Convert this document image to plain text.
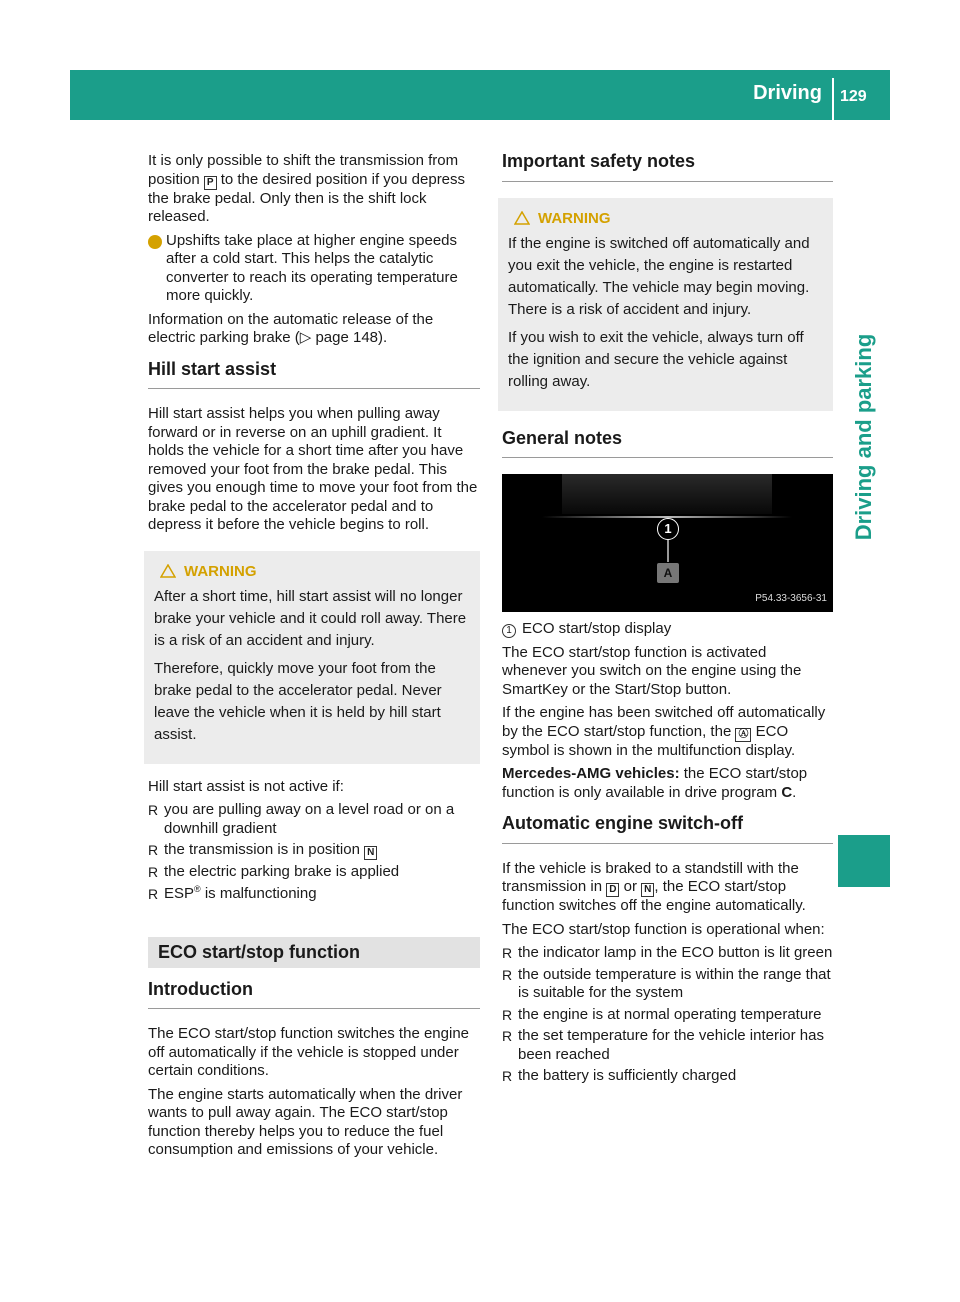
Driving 129
Driving and parking

It is only possible to shift the transmission from position P to the desired position if you depress the brake pedal. Only then is the shift lock released.

i Upshifts take place at higher engine speeds after a cold start. This helps the catalytic converter to reach its operating temperature more quickly.

Information on the automatic release of the electric parking brake (▷ page 148).

Hill start assist

Hill start assist helps you when pulling away forward or in reverse on an uphill gradient. It holds the vehicle for a short time after you have removed your foot from the brake pedal. This gives you enough time to move your foot from the brake pedal to the accelerator pedal and to depress it before the vehicle begins to roll.

WARNING

After a short time, hill start assist will no longer brake your vehicle and it could roll away. There is a risk of an accident and injury.

Therefore, quickly move your foot from the brake pedal to the accelerator pedal. Never leave the vehicle when it is held by hill start assist.

Hill start assist is not active if:

R you are pulling away on a level road or on a downhill gradient
R the transmission is in position N
R the electric parking brake is applied
R ESP® is malfunctioning
ECO start/stop function
Introduction

The ECO start/stop function switches the engine off automatically if the vehicle is stopped under certain conditions.

The engine starts automatically when the driver wants to pull away again. The ECO start/stop function thereby helps you to reduce the fuel consumption and emissions of your vehicle.

Important safety notes
WARNING

If the engine is switched off automatically and you exit the vehicle, the engine is restarted automatically. The vehicle may begin moving. There is a risk of accident and injury.

If you wish to exit the vehicle, always turn off the ignition and secure the vehicle against rolling away.

General notes
1
A
P54.33-3656-31

1 ECO start/stop display

The ECO start/stop function is activated whenever you switch on the engine using the SmartKey or the Start/Stop button.

If the engine has been switched off automatically by the ECO start/stop function, the Ⓐ ECO symbol is shown in the multifunction display.

Mercedes-AMG vehicles: the ECO start/stop function is only available in drive program C.

Automatic engine switch-off

If the vehicle is braked to a standstill with the transmission in D or N , the ECO start/stop function switches off the engine automatically.

The ECO start/stop function is operational when:

R the indicator lamp in the ECO button is lit green
R the outside temperature is within the range that is suitable for the system
R the engine is at normal operating temperature
R the set temperature for the vehicle interior has been reached
R the battery is sufficiently charged
